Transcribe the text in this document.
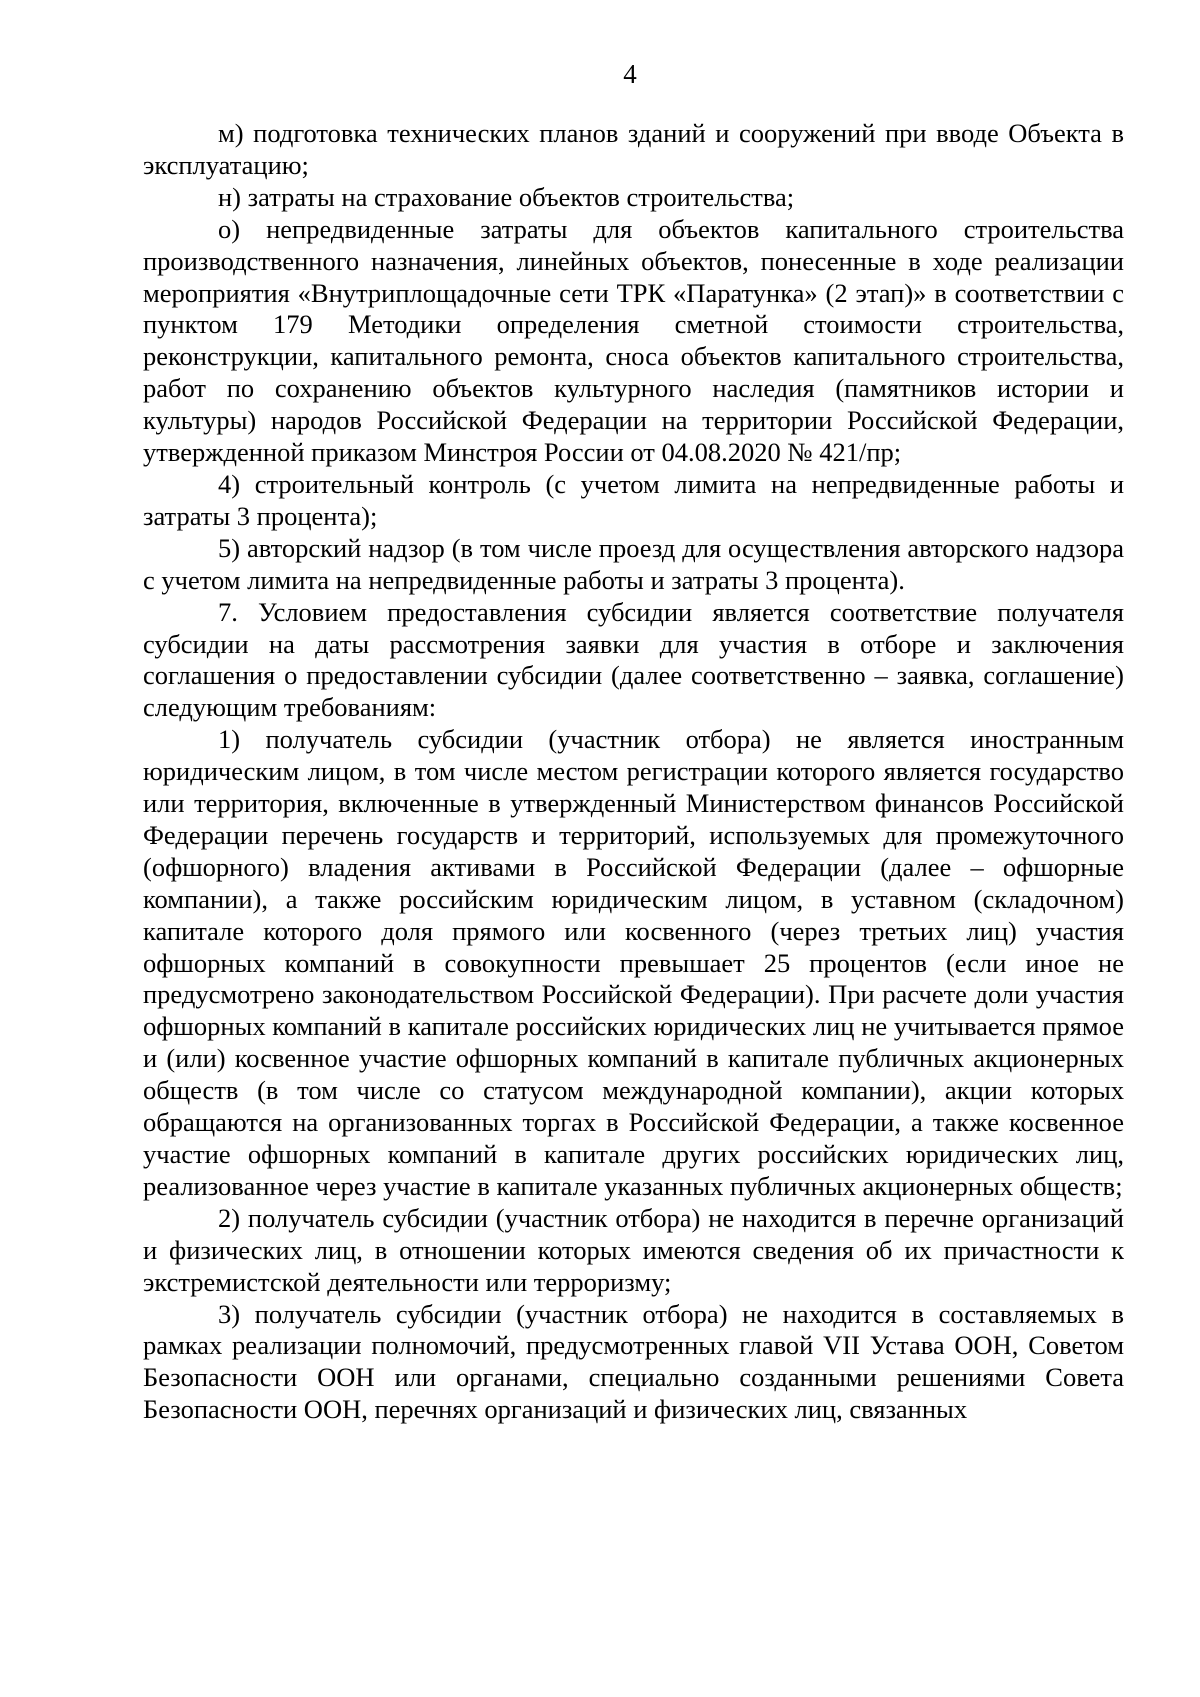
4

м) подготовка технических планов зданий и сооружений при вводе Объекта в эксплуатацию;

н) затраты на страхование объектов строительства;

о) непредвиденные затраты для объектов капитального строительства производственного назначения, линейных объектов, понесенные в ходе реализации мероприятия «Внутриплощадочные сети ТРК «Паратунка» (2 этап)» в соответствии с пунктом 179 Методики определения сметной стоимости строительства, реконструкции, капитального ремонта, сноса объектов капитального строительства, работ по сохранению объектов культурного наследия (памятников истории и культуры) народов Российской Федерации на территории Российской Федерации, утвержденной приказом Минстроя России от 04.08.2020 № 421/пр;

4) строительный контроль (с учетом лимита на непредвиденные работы и затраты 3 процента);

5) авторский надзор (в том числе проезд для осуществления авторского надзора с учетом лимита на непредвиденные работы и затраты 3 процента).

7. Условием предоставления субсидии является соответствие получателя субсидии на даты рассмотрения заявки для участия в отборе и заключения соглашения о предоставлении субсидии (далее соответственно – заявка, соглашение) следующим требованиям:

1) получатель субсидии (участник отбора) не является иностранным юридическим лицом, в том числе местом регистрации которого является государство или территория, включенные в утвержденный Министерством финансов Российской Федерации перечень государств и территорий, используемых для промежуточного (офшорного) владения активами в Российской Федерации (далее – офшорные компании), а также российским юридическим лицом, в уставном (складочном) капитале которого доля прямого или косвенного (через третьих лиц) участия офшорных компаний в совокупности превышает 25 процентов (если иное не предусмотрено законодательством Российской Федерации). При расчете доли участия офшорных компаний в капитале российских юридических лиц не учитывается прямое и (или) косвенное участие офшорных компаний в капитале публичных акционерных обществ (в том числе со статусом международной компании), акции которых обращаются на организованных торгах в Российской Федерации, а также косвенное участие офшорных компаний в капитале других российских юридических лиц, реализованное через участие в капитале указанных публичных акционерных обществ;

2) получатель субсидии (участник отбора) не находится в перечне организаций и физических лиц, в отношении которых имеются сведения об их причастности к экстремистской деятельности или терроризму;

3) получатель субсидии (участник отбора) не находится в составляемых в рамках реализации полномочий, предусмотренных главой VII Устава ООН, Советом Безопасности ООН или органами, специально созданными решениями Совета Безопасности ООН, перечнях организаций и физических лиц, связанных
